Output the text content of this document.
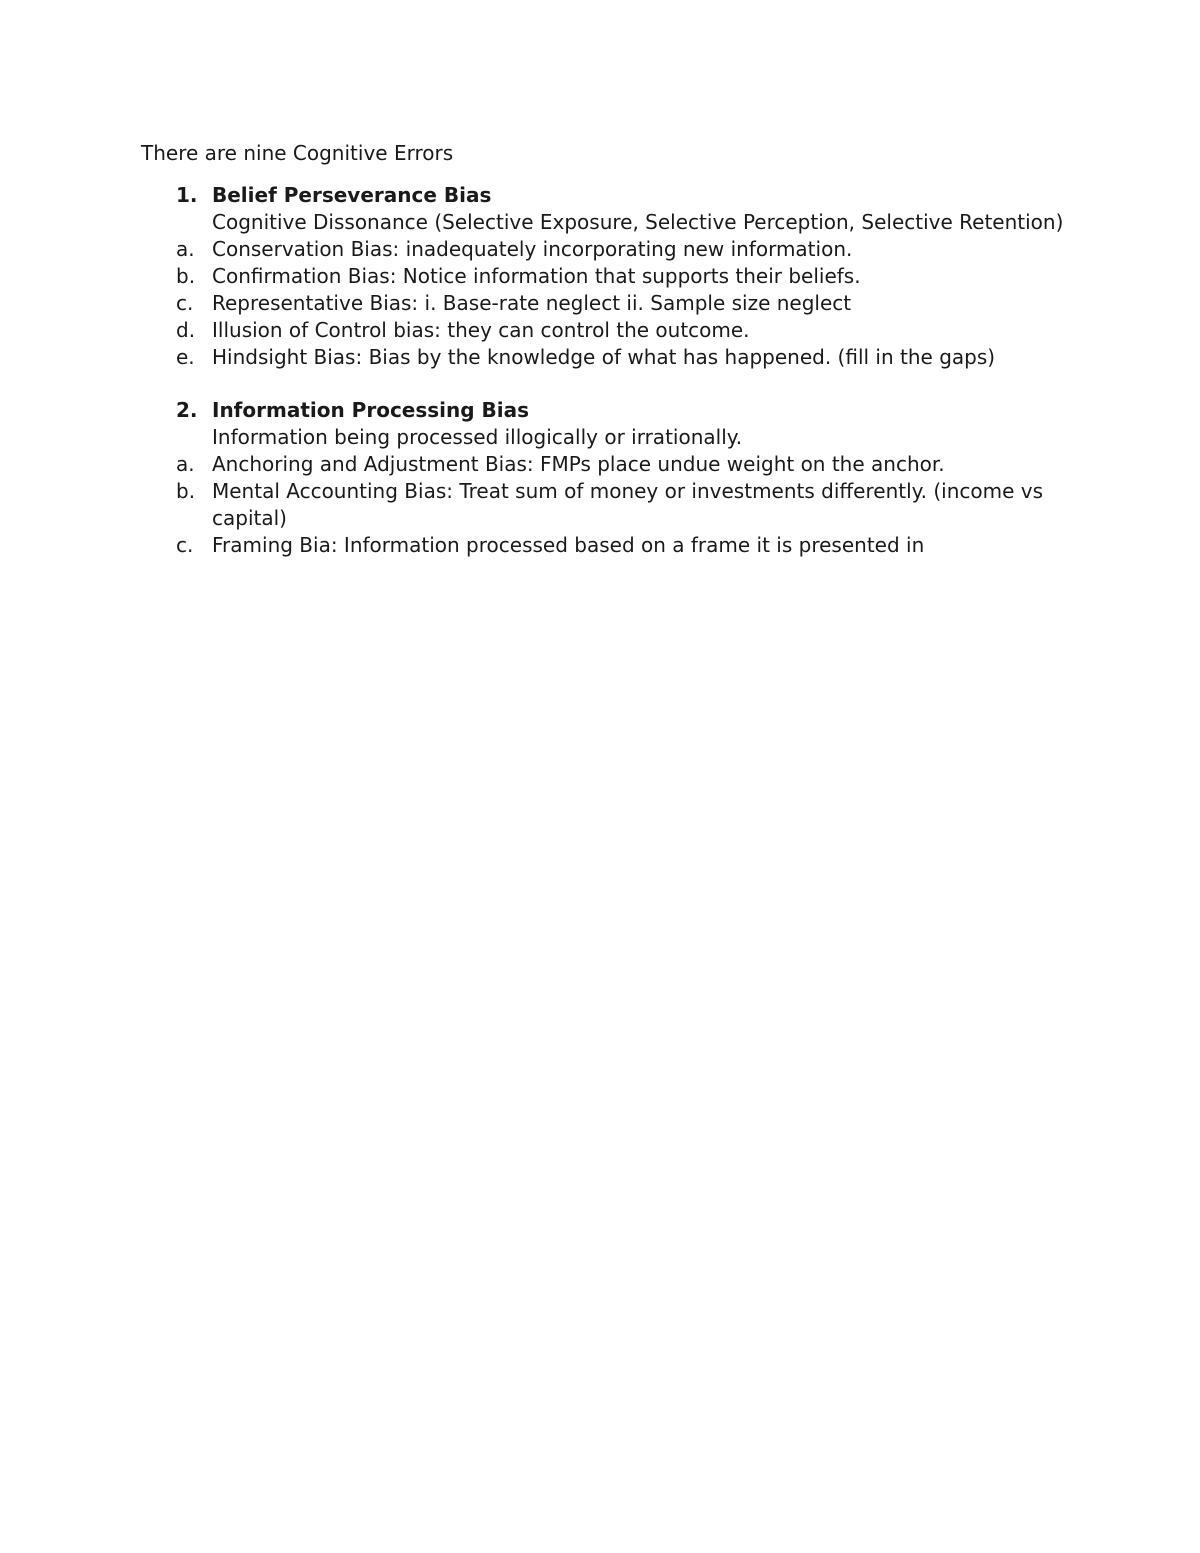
There are nine Cognitive Errors
1. Belief Perseverance Bias
Cognitive Dissonance (Selective Exposure, Selective Perception, Selective Retention)
a. Conservation Bias: inadequately incorporating new information.
b. Confirmation Bias: Notice information that supports their beliefs.
c. Representative Bias: i. Base-rate neglect ii. Sample size neglect
d. Illusion of Control bias: they can control the outcome.
e. Hindsight Bias: Bias by the knowledge of what has happened. (fill in the gaps)
2. Information Processing Bias
Information being processed illogically or irrationally.
a. Anchoring and Adjustment Bias: FMPs place undue weight on the anchor.
b. Mental Accounting Bias: Treat sum of money or investments differently. (income vs capital)
c. Framing Bia: Information processed based on a frame it is presented in
